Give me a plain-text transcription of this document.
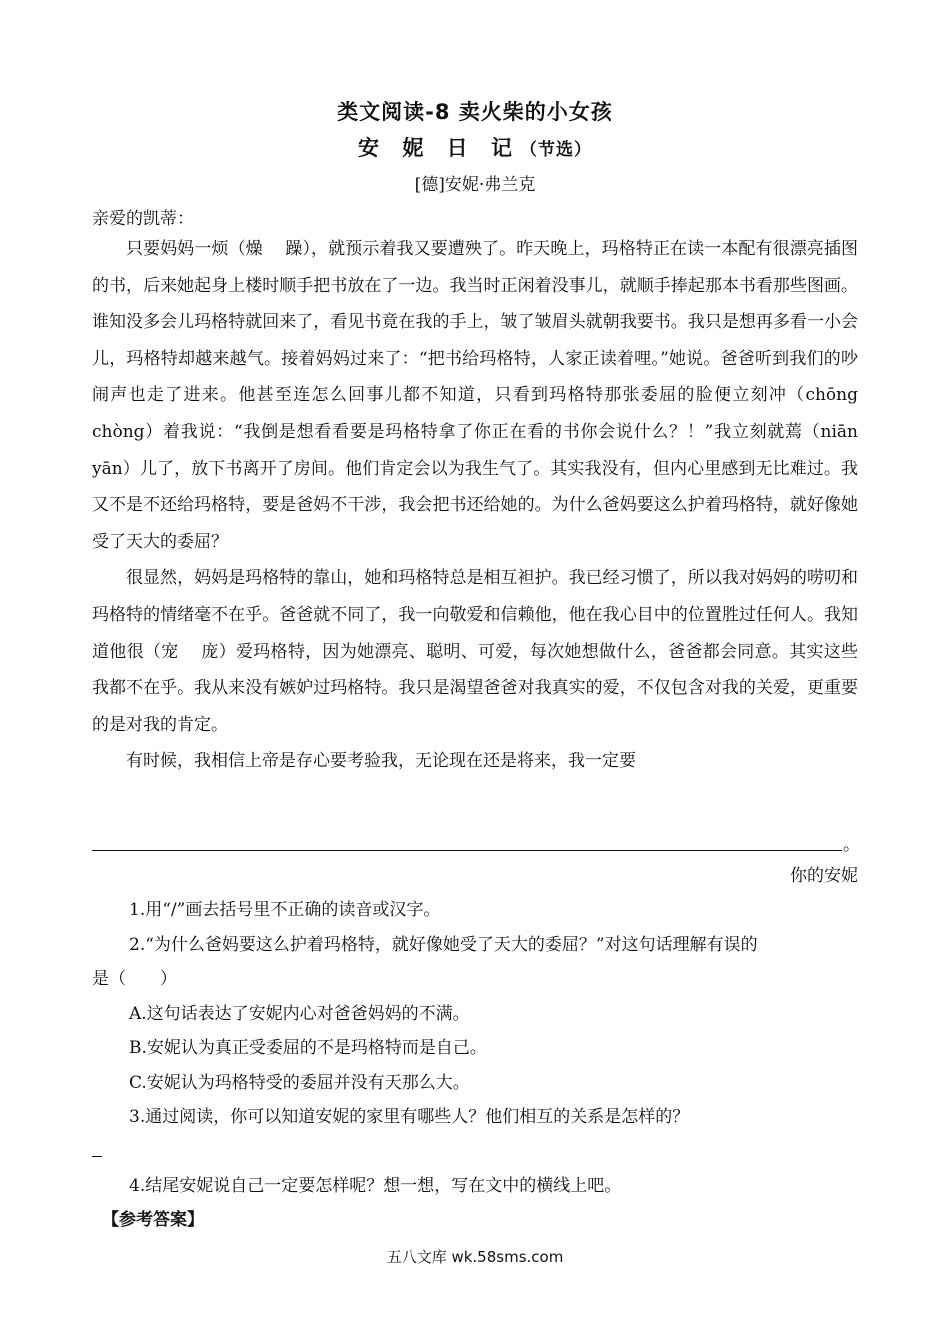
类文阅读-8 卖火柴的小女孩
安 妮 日 记（节选）
[德]安妮·弗兰克
亲爱的凯蒂：

只要妈妈一烦（燥　 躁），就预示着我又要遭殃了。昨天晚上，玛格特正在读一本配有很漂亮插图的书，后来她起身上楼时顺手把书放在了一边。我当时正闲着没事儿，就顺手捧起那本书看那些图画。谁知没多会儿玛格特就回来了，看见书竟在我的手上，皱了皱眉头就朝我要书。我只是想再多看一小会儿，玛格特却越来越气。接着妈妈过来了：“把书给玛格特，人家正读着哩。”她说。爸爸听到我们的吵闹声也走了进来。他甚至连怎么回事儿都不知道，只看到玛格特那张委屈的脸便立刻冲（chōng　chòng）着我说：“我倒是想看看要是玛格特拿了你正在看的书你会说什么？！”我立刻就蔫（niān　yān）儿了，放下书离开了房间。他们肯定会以为我生气了。其实我没有，但内心里感到无比难过。我又不是不还给玛格特，要是爸妈不干涉，我会把书还给她的。为什么爸妈要这么护着玛格特，就好像她受了天大的委屈？

很显然，妈妈是玛格特的靠山，她和玛格特总是相互袒护。我已经习惯了，所以我对妈妈的唠叨和玛格特的情绪毫不在乎。爸爸就不同了，我一向敬爱和信赖他，他在我心目中的位置胜过任何人。我知道他很（宠　 庞）爱玛格特，因为她漂亮、聪明、可爱，每次她想做什么，爸爸都会同意。其实这些我都不在乎。我从来没有嫉妒过玛格特。我只是渴望爸爸对我真实的爱，不仅包含对我的关爱，更重要的是对我的肯定。

有时候，我相信上帝是存心要考验我，无论现在还是将来，我一定要

。
你的安妮
1.用“/”画去括号里不正确的读音或汉字。
2.“为什么爸妈要这么护着玛格特，就好像她受了天大的委屈？”对这句话理解有误的
是（　　）
A.这句话表达了安妮内心对爸爸妈妈的不满。
B.安妮认为真正受委屈的不是玛格特而是自己。
C.安妮认为玛格特受的委屈并没有天那么大。
3.通过阅读，你可以知道安妮的家里有哪些人？他们相互的关系是怎样的？
4.结尾安妮说自己一定要怎样呢？想一想，写在文中的横线上吧。
【参考答案】
五八文库 wk.58sms.com
